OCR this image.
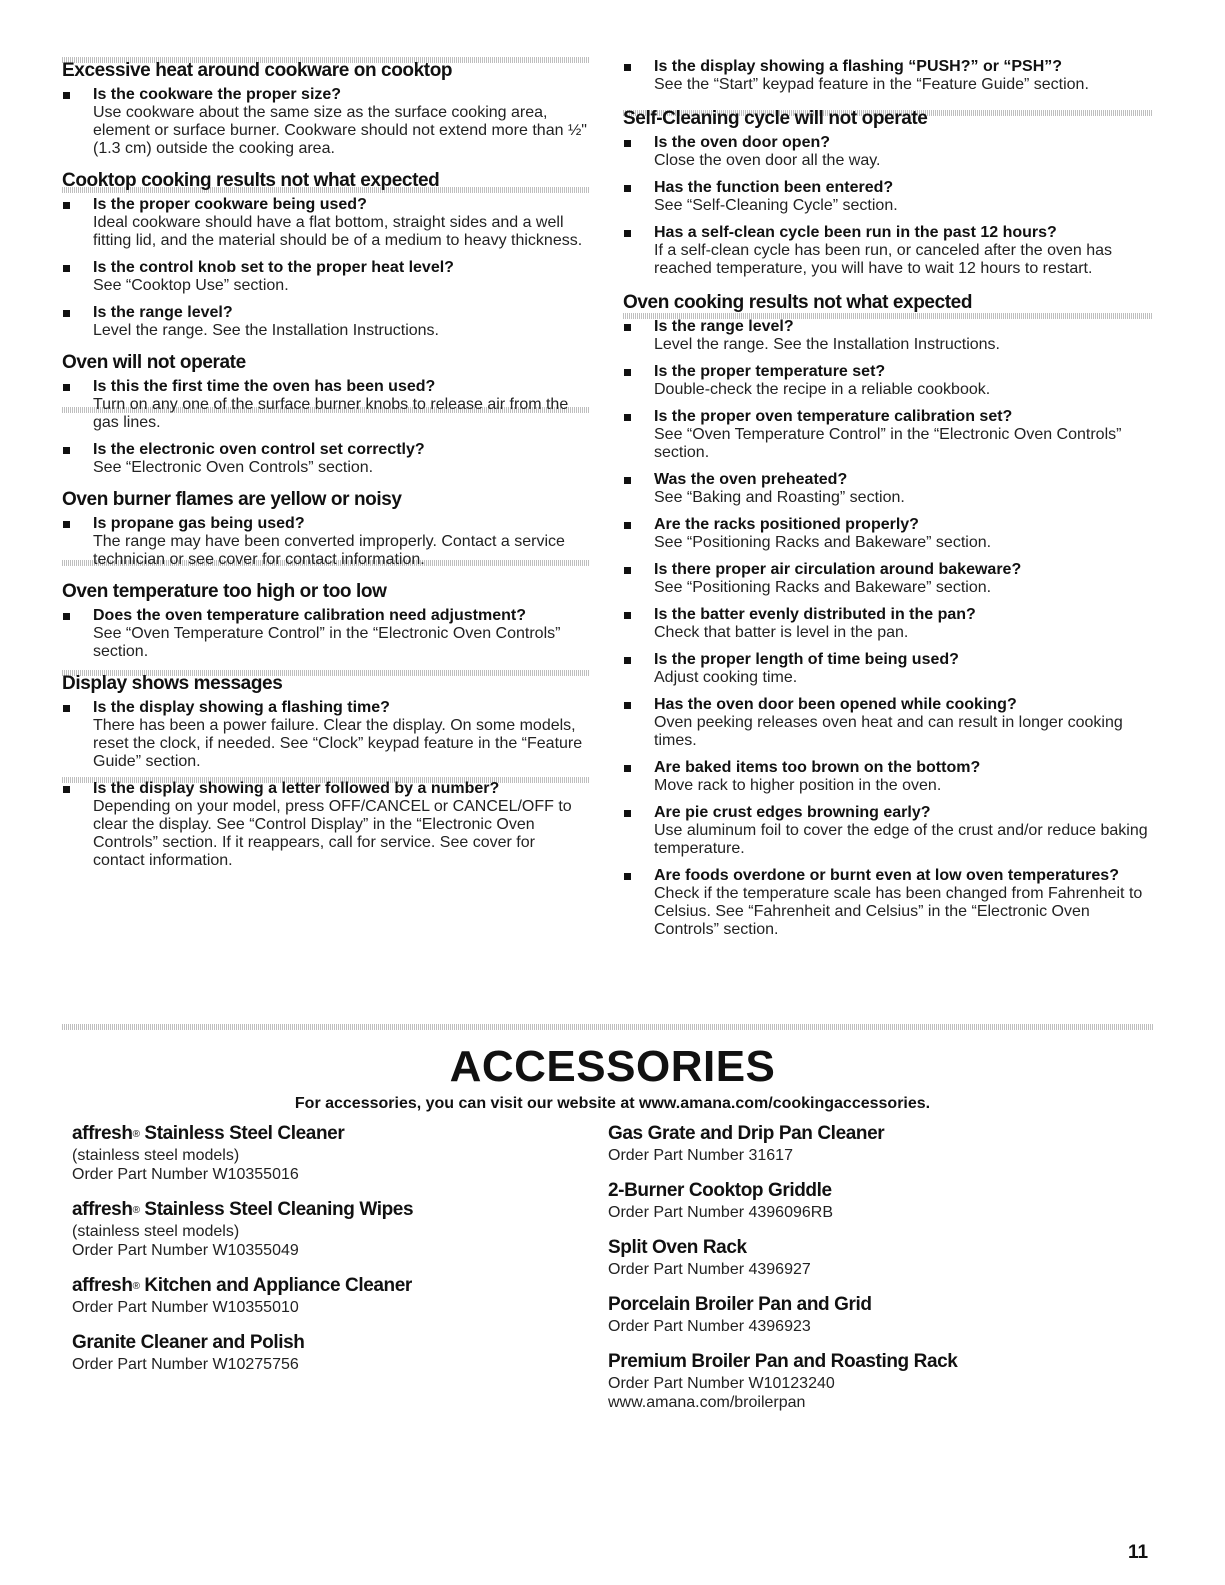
Excessive heat around cookware on cooktop
Is the cookware the proper size?
Use cookware about the same size as the surface cooking area, element or surface burner. Cookware should not extend more than ½" (1.3 cm) outside the cooking area.
Cooktop cooking results not what expected
Is the proper cookware being used?
Ideal cookware should have a flat bottom, straight sides and a well fitting lid, and the material should be of a medium to heavy thickness.
Is the control knob set to the proper heat level?
See “Cooktop Use” section.
Is the range level?
Level the range. See the Installation Instructions.
Oven will not operate
Is this the first time the oven has been used?
Turn on any one of the surface burner knobs to release air from the gas lines.
Is the electronic oven control set correctly?
See “Electronic Oven Controls” section.
Oven burner flames are yellow or noisy
Is propane gas being used?
The range may have been converted improperly. Contact a service technician or see cover for contact information.
Oven temperature too high or too low
Does the oven temperature calibration need adjustment?
See “Oven Temperature Control” in the “Electronic Oven Controls” section.
Display shows messages
Is the display showing a flashing time?
There has been a power failure. Clear the display. On some models, reset the clock, if needed. See “Clock” keypad feature in the “Feature Guide” section.
Is the display showing a letter followed by a number?
Depending on your model, press OFF/CANCEL or CANCEL/OFF to clear the display. See “Control Display” in the “Electronic Oven Controls” section. If it reappears, call for service. See cover for contact information.
Is the display showing a flashing “PUSH?” or “PSH”?
See the “Start” keypad feature in the “Feature Guide” section.
Self-Cleaning cycle will not operate
Is the oven door open?
Close the oven door all the way.
Has the function been entered?
See “Self-Cleaning Cycle” section.
Has a self-clean cycle been run in the past 12 hours?
If a self-clean cycle has been run, or canceled after the oven has reached temperature, you will have to wait 12 hours to restart.
Oven cooking results not what expected
Is the range level?
Level the range. See the Installation Instructions.
Is the proper temperature set?
Double-check the recipe in a reliable cookbook.
Is the proper oven temperature calibration set?
See “Oven Temperature Control” in the “Electronic Oven Controls” section.
Was the oven preheated?
See “Baking and Roasting” section.
Are the racks positioned properly?
See “Positioning Racks and Bakeware” section.
Is there proper air circulation around bakeware?
See “Positioning Racks and Bakeware” section.
Is the batter evenly distributed in the pan?
Check that batter is level in the pan.
Is the proper length of time being used?
Adjust cooking time.
Has the oven door been opened while cooking?
Oven peeking releases oven heat and can result in longer cooking times.
Are baked items too brown on the bottom?
Move rack to higher position in the oven.
Are pie crust edges browning early?
Use aluminum foil to cover the edge of the crust and/or reduce baking temperature.
Are foods overdone or burnt even at low oven temperatures?
Check if the temperature scale has been changed from Fahrenheit to Celsius. See “Fahrenheit and Celsius” in the “Electronic Oven Controls” section.
ACCESSORIES
For accessories, you can visit our website at www.amana.com/cookingaccessories.
affresh® Stainless Steel Cleaner
(stainless steel models)
Order Part Number W10355016
affresh® Stainless Steel Cleaning Wipes
(stainless steel models)
Order Part Number W10355049
affresh® Kitchen and Appliance Cleaner
Order Part Number W10355010
Granite Cleaner and Polish
Order Part Number W10275756
Gas Grate and Drip Pan Cleaner
Order Part Number 31617
2-Burner Cooktop Griddle
Order Part Number 4396096RB
Split Oven Rack
Order Part Number 4396927
Porcelain Broiler Pan and Grid
Order Part Number 4396923
Premium Broiler Pan and Roasting Rack
Order Part Number W10123240
www.amana.com/broilerpan
11
